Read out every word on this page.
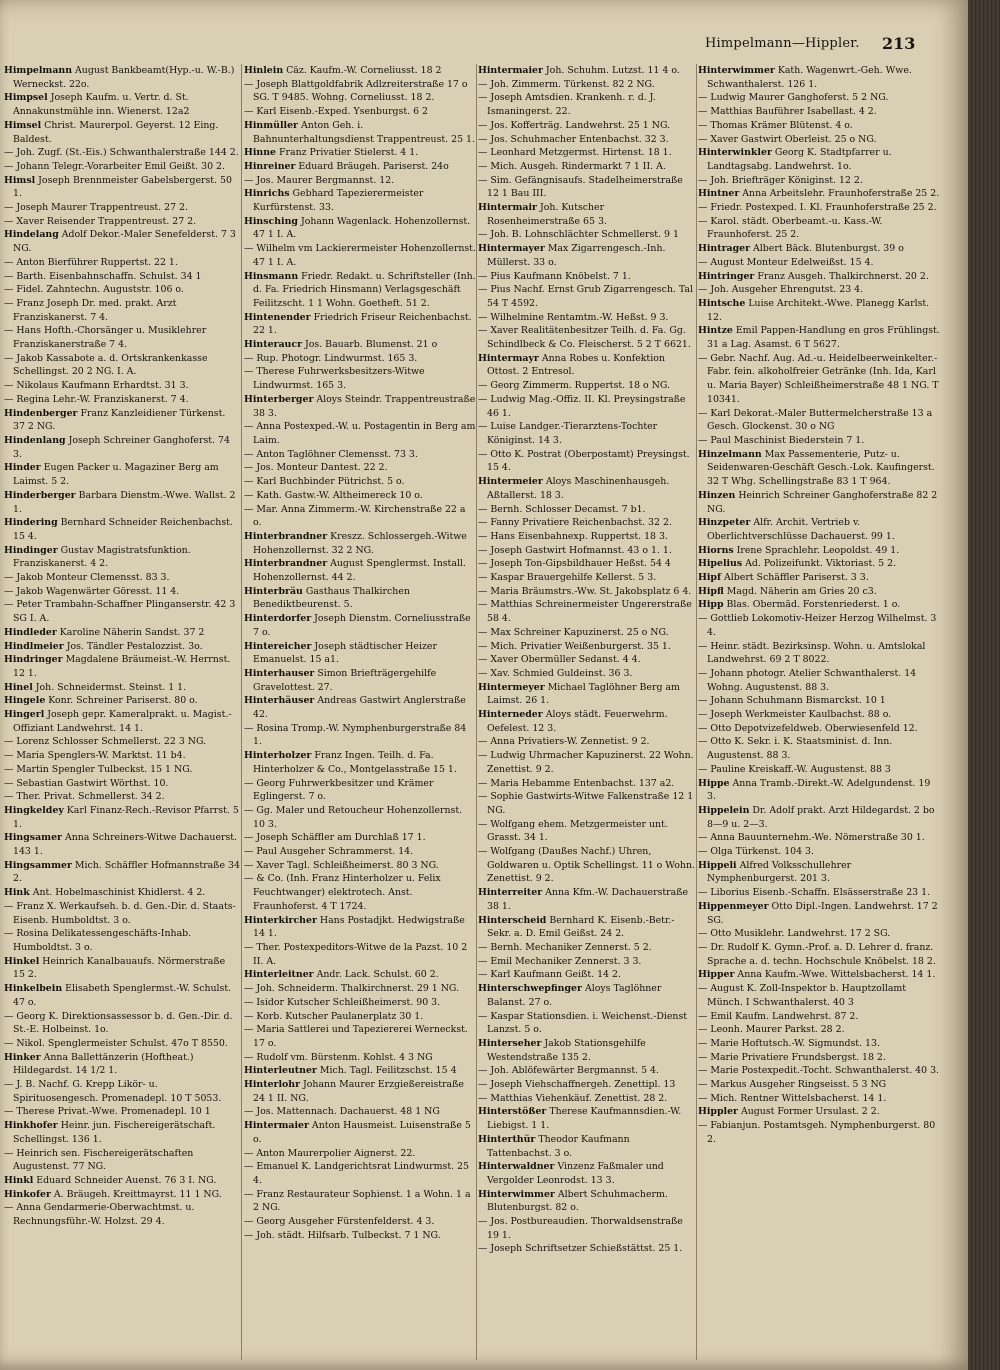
Himpelmann—Hippler. 213

Himpelmann August Bankbeamt(Hyp.-u. W.-B.) Werneckst. 22o.

Himpsel Joseph Kaufm. u. Vertr. d. St. Annakunstmühle inn. Wienerst. 12a2

Himsel Christ. Maurerpol. Geyerst. 12 Eing. Baldest.

— Joh. Zugf. (St.-Eis.) Schwanthalerstraße 144 2.

— Johann Telegr.-Vorarbeiter Emil Geißt. 30 2.

Himsl Joseph Brennmeister Gabelsbergerst. 50 1.

— Joseph Maurer Trappentreust. 27 2.

— Xaver Reisender Trappentreust. 27 2.

Hindelang Adolf Dekor.-Maler Senefelderst. 7 3 NG.

— Anton Bierführer Ruppertst. 22 1.

— Barth. Eisenbahnschaffn. Schulst. 34 1

— Fidel. Zahntechn. Auguststr. 106 o.

— Franz Joseph Dr. med. prakt. Arzt Franziskanerst. 7 4.

— Hans Hofth.-Chorsänger u. Musiklehrer Franziskanerstraße 7 4.

— Jakob Kassabote a. d. Ortskrankenkasse Schellingst. 20 2 NG. I. A.

— Nikolaus Kaufmann Erhardtst. 31 3.

— Regina Lehr.-W. Franziskanerst. 7 4.

Hindenberger Franz Kanzleidiener Türkenst. 37 2 NG.

Hindenlang Joseph Schreiner Ganghoferst. 74 3.

Hinder Eugen Packer u. Magaziner Berg am Laimst. 5 2.

Hinderberger Barbara Dienstm.-Wwe. Wallst. 2 1.

Hindering Bernhard Schneider Reichenbachst. 15 4.

Hindinger Gustav Magistratsfunktion. Franziskanerst. 4 2.

— Jakob Monteur Clemensst. 83 3.

— Jakob Wagenwärter Göresst. 11 4.

— Peter Trambahn-Schaffner Plinganserstr. 42 3 SG I. A.

Hindleder Karoline Näherin Sandst. 37 2

Hindlmeier Jos. Tändler Pestalozzist. 3o.

Hindringer Magdalene Bräumeist.-W. Herrnst. 12 1.

Hinel Joh. Schneidermst. Steinst. 1 1.

Hingele Konr. Schreiner Pariserst. 80 o.

Hingerl Joseph gepr. Kameralprakt. u. Magist.-Offiziant Landwehrst. 14 1.

— Lorenz Schlosser Schmellerst. 22 3 NG.

— Maria Spenglers-W. Marktst. 11 b4.

— Martin Spengler Tulbeckst. 15 1 NG.

— Sebastian Gastwirt Wörthst. 10.

— Ther. Privat. Schmellerst. 34 2.

Hingkeldey Karl Finanz-Rech.-Revisor Pfarrst. 5 1.

Hingsamer Anna Schreiners-Witwe Dachauerst. 143 1.

Hingsammer Mich. Schäffler Hofmannstraße 34 2.

Hink Ant. Hobelmaschinist Khidlerst. 4 2.

— Franz X. Werkaufseh. b. d. Gen.-Dir. d. Staats-Eisenb. Humboldtst. 3 o.

— Rosina Delikatessengeschäfts-Inhab. Humboldtst. 3 o.

Hinkel Heinrich Kanalbauaufs. Nörmerstraße 15 2.

Hinkelbein Elisabeth Spenglermst.-W. Schulst. 47 o.

— Georg K. Direktionsassessor b. d. Gen.-Dir. d. St.-E. Holbeinst. 1o.

— Nikol. Spenglermeister Schulst. 47o T 8550.

Hinker Anna Ballettänzerin (Hoftheat.) Hildegardst. 14 1/2 1.

— J. B. Nachf. G. Krepp Likör- u. Spirituosengesch. Promenadepl. 10 T 5053.

— Therese Privat.-Wwe. Promenadepl. 10 1

Hinkhofer Heinr. jun. Fischereigerätschaft. Schellingst. 136 1.

— Heinrich sen. Fischereigerätschaften Augustenst. 77 NG.

Hinkl Eduard Schneider Auenst. 76 3 I. NG.

Hinkofer A. Bräugeh. Kreittmayrst. 11 1 NG.

— Anna Gendarmerie-Oberwachtmst. u. Rechnungsführ.-W. Holzst. 29 4.

Hinlein Cäz. Kaufm.-W. Corneliusst. 18 2

— Joseph Blattgoldfabrik Adlzreiterstraße 17 o SG. T 9485. Wohng. Corneliusst. 18 2.

— Karl Eisenb.-Exped. Ysenburgst. 6 2

Hinmüller Anton Geh. i. Bahnunterhaltungsdienst Trappentreust. 25 1.

Hinne Franz Privatier Stielerst. 4 1.

Hinreiner Eduard Bräugeh. Pariserst. 24o

— Jos. Maurer Bergmannst. 12.

Hinrichs Gebhard Tapezierermeister Kurfürstenst. 33.

Hinsching Johann Wagenlack. Hohenzollernst. 47 1 I. A.

— Wilhelm vm Lackierermeister Hohenzollernst. 47 1 I. A.

Hinsmann Friedr. Redakt. u. Schriftsteller (Inh. d. Fa. Friedrich Hinsmann) Verlagsgeschäft Feilitzscht. 1 1 Wohn. Goetheft. 51 2.

Hintenender Friedrich Friseur Reichenbachst. 22 1.

Hinteraucr Jos. Bauarb. Blumenst. 21 o

— Rup. Photogr. Lindwurmst. 165 3.

— Therese Fuhrwerksbesitzers-Witwe Lindwurmst. 165 3.

Hinterberger Aloys Steindr. Trappentreustraße 38 3.

— Anna Postexped.-W. u. Postagentin in Berg am Laim.

— Anton Taglöhner Clemensst. 73 3.

— Jos. Monteur Dantest. 22 2.

— Karl Buchbinder Pütrichst. 5 o.

— Kath. Gastw.-W. Altheimereck 10 o.

— Mar. Anna Zimmerm.-W. Kirchenstraße 22 a o.

Hinterbrandner Kreszz. Schlossergeh.-Witwe Hohenzollernst. 32 2 NG.

Hinterbrandner August Spenglermst. Install. Hohenzollernst. 44 2.

Hinterbräu Gasthaus Thalkirchen Benediktbeurenst. 5.

Hinterdorfer Joseph Dienstm. Corneliusstraße 7 o.

Hintereicher Joseph städtischer Heizer Emanuelst. 15 a1.

Hinterhauser Simon Briefträgergehilfe Gravelottest. 27.

Hinterhäuser Andreas Gastwirt Anglerstraße 42.

— Rosina Tromp.-W. Nymphenburgerstraße 84 1.

Hinterholzer Franz Ingen. Teilh. d. Fa. Hinterholzer & Co., Montgelasstraße 15 1.

— Georg Fuhrwerkbesitzer und Krämer Eglingerst. 7 o.

— Gg. Maler und Retoucheur Hohenzollernst. 10 3.

— Joseph Schäffler am Durchlaß 17 1.

— Paul Ausgeher Schrammerst. 14.

— Xaver Tagl. Schleißheimerst. 80 3 NG.

— & Co. (Inh. Franz Hinterholzer u. Felix Feuchtwanger) elektrotech. Anst. Fraunhoferst. 4 T 1724.

Hinterkircher Hans Postadjkt. Hedwigstraße 14 1.

— Ther. Postexpeditors-Witwe de la Pazst. 10 2 II. A.

Hinterleitner Andr. Lack. Schulst. 60 2.

— Joh. Schneiderm. Thalkirchnerst. 29 1 NG.

— Isidor Kutscher Schleißheimerst. 90 3.

— Korb. Kutscher Paulanerplatz 30 1.

— Maria Sattlerei und Tapeziererei Werneckst. 17 o.

— Rudolf vm. Bürstenm. Kohlst. 4 3 NG

Hinterleutner Mich. Tagl. Feilitzschst. 15 4

Hinterlohr Johann Maurer Erzgießereistraße 24 1 II. NG.

— Jos. Mattennach. Dachauerst. 48 1 NG

Hintermaier Anton Hausmeist. Luisenstraße 5 o.

— Anton Maurerpolier Aignerst. 22.

— Emanuel K. Landgerichtsrat Lindwurmst. 25 4.

— Franz Restaurateur Sophienst. 1 a Wohn. 1 a 2 NG.

— Georg Ausgeher Fürstenfelderst. 4 3.

— Joh. städt. Hilfsarb. Tulbeckst. 7 1 NG.

Hintermaier Joh. Schuhm. Lutzst. 11 4 o.

— Joh. Zimmerm. Türkenst. 82 2 NG.

— Joseph Amtsdien. Krankenh. r. d. J. Ismaningerst. 22.

— Jos. Kofferträg. Landwehrst. 25 1 NG.

— Jos. Schuhmacher Entenbachst. 32 3.

— Leonhard Metzgermst. Hirtenst. 18 1.

— Mich. Ausgeh. Rindermarkt 7 1 II. A.

— Sim. Gefängnisaufs. Stadelheimerstraße 12 1 Bau III.

Hintermair Joh. Kutscher Rosenheimerstraße 65 3.

— Joh. B. Lohnschlächter Schmellerst. 9 1

Hintermayer Max Zigarrengesch.-Inh. Müllerst. 33 o.

— Pius Kaufmann Knöbelst. 7 1.

— Pius Nachf. Ernst Grub Zigarrengesch. Tal 54 T 4592.

— Wilhelmine Rentamtm.-W. Heßst. 9 3.

— Xaver Realitätenbesitzer Teilh. d. Fa. Gg. Schindlbeck & Co. Fleischerst. 5 2 T 6621.

Hintermayr Anna Robes u. Konfektion Ottost. 2 Entresol.

— Georg Zimmerm. Ruppertst. 18 o NG.

— Ludwig Mag.-Offiz. II. Kl. Preysingstraße 46 1.

— Luise Landger.-Tierarztens-Tochter Königinst. 14 3.

— Otto K. Postrat (Oberpostamt) Preysingst. 15 4.

Hintermeier Aloys Maschinenhausgeh. Aßtallerst. 18 3.

— Bernh. Schlosser Decamst. 7 b1.

— Fanny Privatiere Reichenbachst. 32 2.

— Hans Eisenbahnexp. Ruppertst. 18 3.

— Joseph Gastwirt Hofmannst. 43 o 1. 1.

— Joseph Ton-Gipsbildhauer Heßst. 54 4

— Kaspar Brauergehilfe Kellerst. 5 3.

— Maria Bräumstrs.-Ww. St. Jakobsplatz 6 4.

— Matthias Schreinermeister Ungererstraße 58 4.

— Max Schreiner Kapuzinerst. 25 o NG.

— Mich. Privatier Weißenburgerst. 35 1.

— Xaver Obermüller Sedanst. 4 4.

— Xav. Schmied Guldeinst. 36 3.

Hintermeyer Michael Taglöhner Berg am Laimst. 26 1.

Hinterneder Aloys städt. Feuerwehrm. Oefelest. 12 3.

— Anna Privatiers-W. Zennetist. 9 2.

— Ludwig Uhrmacher Kapuzinerst. 22 Wohn. Zenettist. 9 2.

— Maria Hebamme Entenbachst. 137 a2.

— Sophie Gastwirts-Witwe Falkenstraße 12 1 NG.

— Wolfgang ehem. Metzgermeister unt. Grasst. 34 1.

— Wolfgang (Daußes Nachf.) Uhren, Goldwaren u. Optik Schellingst. 11 o Wohn. Zenettist. 9 2.

Hinterreiter Anna Kfm.-W. Dachauerstraße 38 1.

Hinterscheid Bernhard K. Eisenb.-Betr.-Sekr. a. D. Emil Geißst. 24 2.

— Bernh. Mechaniker Zennerst. 5 2.

— Emil Mechaniker Zennerst. 3 3.

— Karl Kaufmann Geißt. 14 2.

Hinterschwepfinger Aloys Taglöhner Balanst. 27 o.

— Kaspar Stationsdien. i. Weichenst.-Dienst Lanzst. 5 o.

Hinterseher Jakob Stationsgehilfe Westendstraße 135 2.

— Joh. Ablöfewärter Bergmannst. 5 4.

— Joseph Viehschaffnergeh. Zenettipl. 13

— Matthias Viehenkäuf. Zenettist. 28 2.

Hinterstößer Therese Kaufmannsdien.-W. Liebigst. 1 1.

Hinterthür Theodor Kaufmann Tattenbachst. 3 o.

Hinterwaldner Vinzenz Faßmaler und Vergolder Leonrodst. 13 3.

Hinterwimmer Albert Schuhmacherm. Blutenburgst. 82 o.

— Jos. Postbureaudien. Thorwaldsenstraße 19 1.

— Joseph Schriftsetzer Schießstättst. 25 1.

Hinterwimmer Kath. Wagenwrt.-Geh. Wwe. Schwanthalerst. 126 1.

— Ludwig Maurer Ganghoferst. 5 2 NG.

— Matthias Bauführer Isabellast. 4 2.

— Thomas Krämer Blütenst. 4 o.

— Xaver Gastwirt Oberleist. 25 o NG.

Hinterwinkler Georg K. Stadtpfarrer u. Landtagsabg. Landwehrst. 1o.

— Joh. Briefträger Königinst. 12 2.

Hintner Anna Arbeitslehr. Fraunhoferstraße 25 2.

— Friedr. Postexped. I. Kl. Fraunhoferstraße 25 2.

— Karol. städt. Oberbeamt.-u. Kass.-W. Fraunhoferst. 25 2.

Hintrager Albert Bäck. Blutenburgst. 39 o

— August Monteur Edelweißst. 15 4.

Hintringer Franz Ausgeh. Thalkirchnerst. 20 2.

— Joh. Ausgeher Ehrengutst. 23 4.

Hintsche Luise Architekt.-Wwe. Planegg Karlst. 12.

Hintze Emil Pappen-Handlung en gros Frühlingst. 31 a Lag. Asamst. 6 T 5627.

— Gebr. Nachf. Aug. Ad.-u. Heidelbeerweinkelter.-Fabr. fein. alkoholfreier Getränke (Inh. Ida, Karl u. Maria Bayer) Schleißheimerstraße 48 1 NG. T 10341.

— Karl Dekorat.-Maler Buttermelcherstraße 13 a Gesch. Glockenst. 30 o NG

— Paul Maschinist Biederstein 7 1.

Hinzelmann Max Passementerie, Putz- u. Seidenwaren-Geschäft Gesch.-Lok. Kaufingerst. 32 T Whg. Schellingstraße 83 1 T 964.

Hinzen Heinrich Schreiner Ganghoferstraße 82 2 NG.

Hinzpeter Alfr. Archit. Vertrieb v. Oberlichtverschlüsse Dachauerst. 99 1.

Hiorns Irene Sprachlehr. Leopoldst. 49 1.

Hipelius Ad. Polizeifunkt. Viktoriast. 5 2.

Hipf Albert Schäffler Pariserst. 3 3.

Hipfl Magd. Näherin am Gries 20 c3.

Hipp Blas. Obermäd. Forstenriederst. 1 o.

— Gottlieb Lokomotiv-Heizer Herzog Wilhelmst. 3 4.

— Heinr. städt. Bezirksinsp. Wohn. u. Amtslokal Landwehrst. 69 2 T 8022.

— Johann photogr. Atelier Schwanthalerst. 14 Wohng. Augustenst. 88 3.

— Johann Schuhmann Bismarckst. 10 1

— Joseph Werkmeister Kaulbachst. 88 o.

— Otto Depotvizefeldweb. Oberwiesenfeld 12.

— Otto K. Sekr. i. K. Staatsminist. d. Inn. Augustenst. 88 3.

— Pauline Kreiskaff.-W. Augustenst. 88 3

Hippe Anna Tramb.-Direkt.-W. Adelgundenst. 19 3.

Hippelein Dr. Adolf prakt. Arzt Hildegardst. 2 bo 8—9 u. 2—3.

— Anna Bauunternehm.-We. Nömerstraße 30 1.

— Olga Türkenst. 104 3.

Hippeli Alfred Volksschullehrer Nymphenburgerst. 201 3.

— Liborius Eisenb.-Schaffn. Elsässerstraße 23 1.

Hippenmeyer Otto Dipl.-Ingen. Landwehrst. 17 2 SG.

— Otto Musiklehr. Landwehrst. 17 2 SG.

— Dr. Rudolf K. Gymn.-Prof. a. D. Lehrer d. franz. Sprache a. d. techn. Hochschule Knöbelst. 18 2.

Hipper Anna Kaufm.-Wwe. Wittelsbacherst. 14 1.

— August K. Zoll-Inspektor b. Hauptzollamt Münch. I Schwanthalerst. 40 3

— Emil Kaufm. Landwehrst. 87 2.

— Leonh. Maurer Parkst. 28 2.

— Marie Hoftutsch.-W. Sigmundst. 13.

— Marie Privatiere Frundsbergst. 18 2.

— Marie Postexpedit.-Tocht. Schwanthalerst. 40 3.

— Markus Ausgeher Ringseisst. 5 3 NG

— Mich. Rentner Wittelsbacherst. 14 1.

Hippler August Former Ursulast. 2 2.

— Fabianjun. Postamtsgeh. Nymphenburgerst. 80 2.
